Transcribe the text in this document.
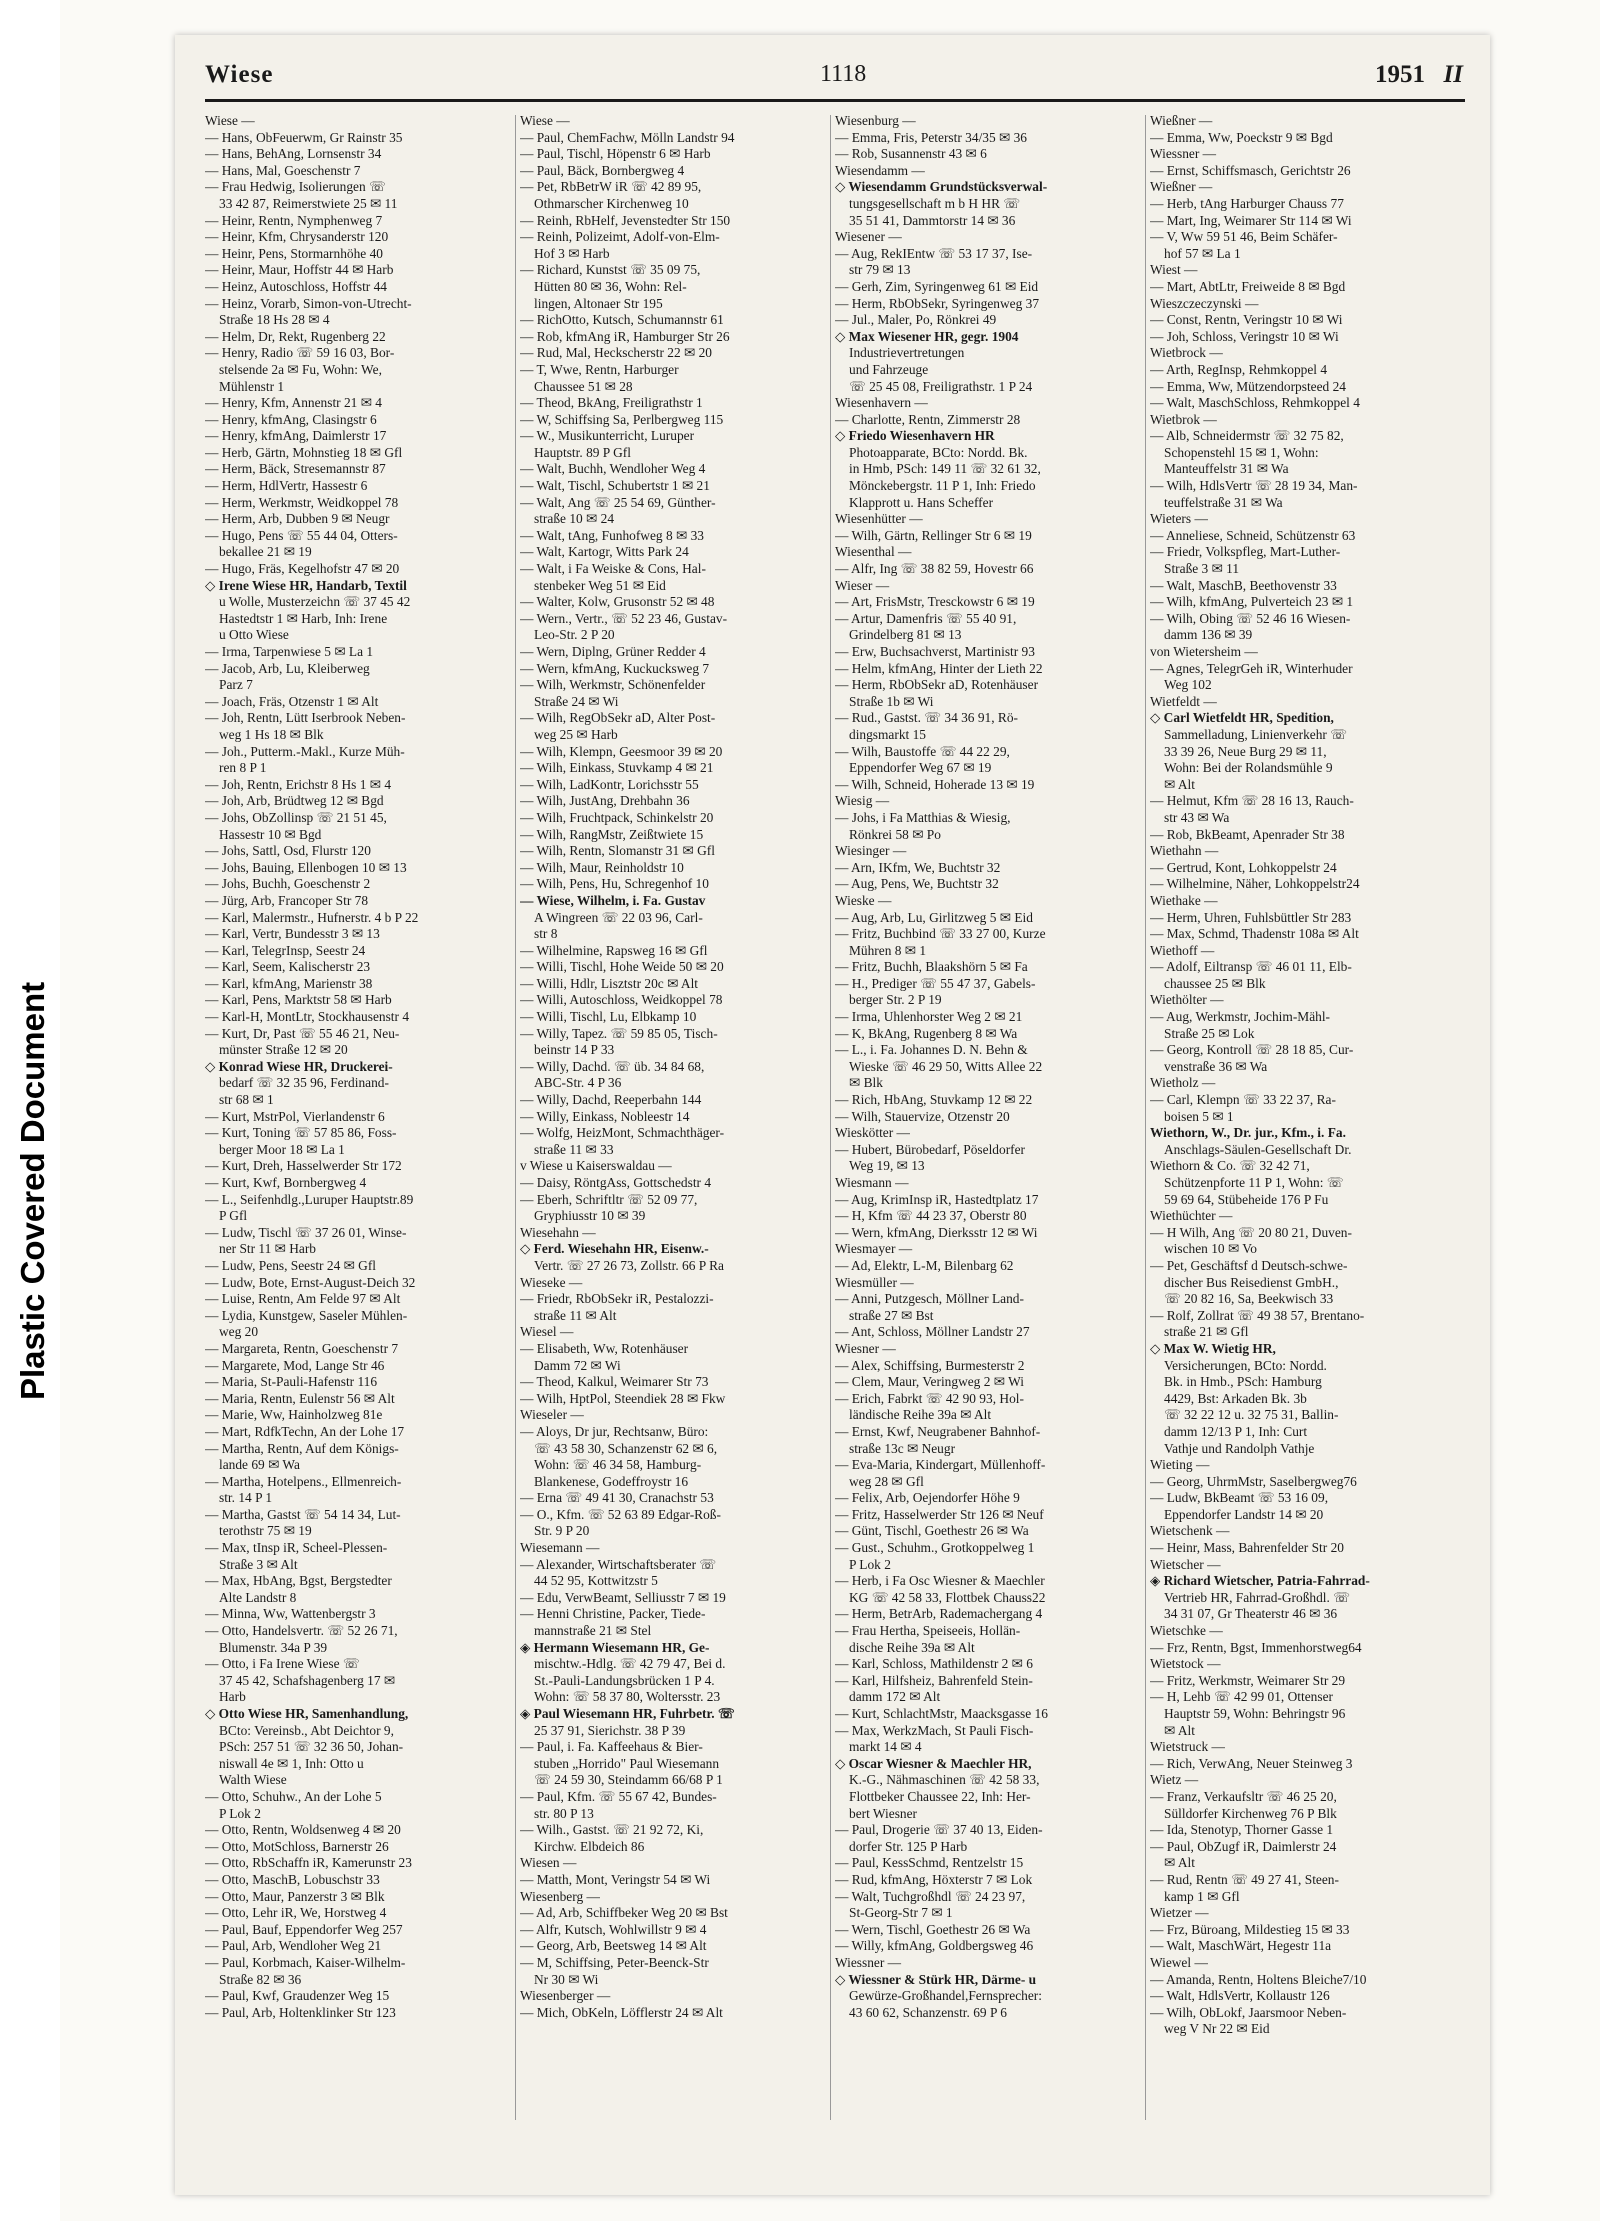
Plastic Covered Document
Wiese	1118	1951 II

Wiese —

— Hans, ObFeuerwm, Gr Rainstr 35

— Hans, BehAng, Lornsenstr 34

— Hans, Mal, Goeschenstr 7

— Frau Hedwig, Isolierungen ☏

33 42 87, Reimerstwiete 25 ✉ 11

— Heinr, Rentn, Nymphenweg 7

— Heinr, Kfm, Chrysanderstr 120

— Heinr, Pens, Stormarnhöhe 40

— Heinr, Maur, Hoffstr 44 ✉ Harb

— Heinz, Autoschloss, Hoffstr 44

— Heinz, Vorarb, Simon-von-Utrecht-

Straße 18 Hs 28 ✉ 4

— Helm, Dr, Rekt, Rugenberg 22

— Henry, Radio ☏ 59 16 03, Bor-

stelsende 2a ✉ Fu, Wohn: We,

Mühlenstr 1

— Henry, Kfm, Annenstr 21 ✉ 4

— Henry, kfmAng, Clasingstr 6

— Henry, kfmAng, Daimlerstr 17

— Herb, Gärtn, Mohnstieg 18 ✉ Gfl

— Herm, Bäck, Stresemannstr 87

— Herm, HdlVertr, Hassestr 6

— Herm, Werkmstr, Weidkoppel 78

— Herm, Arb, Dubben 9 ✉ Neugr

— Hugo, Pens ☏ 55 44 04, Otters-

bekallee 21 ✉ 19

— Hugo, Fräs, Kegelhofstr 47 ✉ 20

◇ Irene Wiese HR, Handarb, Textil

u Wolle, Musterzeichn ☏ 37 45 42

Hastedtstr 1 ✉ Harb, Inh: Irene

u Otto Wiese

— Irma, Tarpenwiese 5 ✉ La 1

— Jacob, Arb, Lu, Kleiberweg

Parz 7

— Joach, Fräs, Otzenstr 1 ✉ Alt

— Joh, Rentn, Lütt Iserbrook Neben-

weg 1 Hs 18 ✉ Blk

— Joh., Putterm.-Makl., Kurze Müh-

ren 8 P 1

— Joh, Rentn, Erichstr 8 Hs 1 ✉ 4

— Joh, Arb, Brüdtweg 12 ✉ Bgd

— Johs, ObZollinsp ☏ 21 51 45,

Hassestr 10 ✉ Bgd

— Johs, Sattl, Osd, Flurstr 120

— Johs, Bauing, Ellenbogen 10 ✉ 13

— Johs, Buchh, Goeschenstr 2

— Jürg, Arb, Francoper Str 78

— Karl, Malermstr., Hufnerstr. 4 b P 22

— Karl, Vertr, Bundesstr 3 ✉ 13

— Karl, TelegrInsp, Seestr 24

— Karl, Seem, Kalischerstr 23

— Karl, kfmAng, Marienstr 38

— Karl, Pens, Marktstr 58 ✉ Harb

— Karl-H, MontLtr, Stockhausenstr 4

— Kurt, Dr, Past ☏ 55 46 21, Neu-

münster Straße 12 ✉ 20

◇ Konrad Wiese HR, Druckerei-

bedarf ☏ 32 35 96, Ferdinand-

str 68 ✉ 1

— Kurt, MstrPol, Vierlandenstr 6

— Kurt, Toning ☏ 57 85 86, Foss-

berger Moor 18 ✉ La 1

— Kurt, Dreh, Hasselwerder Str 172

— Kurt, Kwf, Bornbergweg 4

— L., Seifenhdlg.,Luruper Hauptstr.89

P Gfl

— Ludw, Tischl ☏ 37 26 01, Winse-

ner Str 11 ✉ Harb

— Ludw, Pens, Seestr 24 ✉ Gfl

— Ludw, Bote, Ernst-August-Deich 32

— Luise, Rentn, Am Felde 97 ✉ Alt

— Lydia, Kunstgew, Saseler Mühlen-

weg 20

— Margareta, Rentn, Goeschenstr 7

— Margarete, Mod, Lange Str 46

— Maria, St-Pauli-Hafenstr 116

— Maria, Rentn, Eulenstr 56 ✉ Alt

— Marie, Ww, Hainholzweg 81e

— Mart, RdfkTechn, An der Lohe 17

— Martha, Rentn, Auf dem Königs-

lande 69 ✉ Wa

— Martha, Hotelpens., Ellmenreich-

str. 14 P 1

— Martha, Gastst ☏ 54 14 34, Lut-

terothstr 75 ✉ 19

— Max, tInsp iR, Scheel-Plessen-

Straße 3 ✉ Alt

— Max, HbAng, Bgst, Bergstedter

Alte Landstr 8

— Minna, Ww, Wattenbergstr 3

— Otto, Handelsvertr. ☏ 52 26 71,

Blumenstr. 34a P 39

— Otto, i Fa Irene Wiese ☏

37 45 42, Schafshagenberg 17 ✉

Harb

◇ Otto Wiese HR, Samenhandlung,

BCto: Vereinsb., Abt Deichtor 9,

PSch: 257 51 ☏ 32 36 50, Johan-

niswall 4e ✉ 1, Inh: Otto u

Walth Wiese

— Otto, Schuhw., An der Lohe 5

P Lok 2

— Otto, Rentn, Woldsenweg 4 ✉ 20

— Otto, MotSchloss, Barnerstr 26

— Otto, RbSchaffn iR, Kamerunstr 23

— Otto, MaschB, Lobuschstr 33

— Otto, Maur, Panzerstr 3 ✉ Blk

— Otto, Lehr iR, We, Horstweg 4

— Paul, Bauf, Eppendorfer Weg 257

— Paul, Arb, Wendloher Weg 21

— Paul, Korbmach, Kaiser-Wilhelm-

Straße 82 ✉ 36

— Paul, Kwf, Graudenzer Weg 15

— Paul, Arb, Holtenklinker Str 123

Wiese —

— Paul, ChemFachw, Mölln Landstr 94

— Paul, Tischl, Höpenstr 6 ✉ Harb

— Paul, Bäck, Bornbergweg 4

— Pet, RbBetrW iR ☏ 42 89 95,

Othmarscher Kirchenweg 10

— Reinh, RbHelf, Jevenstedter Str 150

— Reinh, Polizeimt, Adolf-von-Elm-

Hof 3 ✉ Harb

— Richard, Kunstst ☏ 35 09 75,

Hütten 80 ✉ 36, Wohn: Rel-

lingen, Altonaer Str 195

— RichOtto, Kutsch, Schumannstr 61

— Rob, kfmAng iR, Hamburger Str 26

— Rud, Mal, Heckscherstr 22 ✉ 20

— T, Wwe, Rentn, Harburger

Chaussee 51 ✉ 28

— Theod, BkAng, Freiligrathstr 1

— W, Schiffsing Sa, Perlbergweg 115

— W., Musikunterricht, Luruper

Hauptstr. 89 P Gfl

— Walt, Buchh, Wendloher Weg 4

— Walt, Tischl, Schubertstr 1 ✉ 21

— Walt, Ang ☏ 25 54 69, Günther-

straße 10 ✉ 24

— Walt, tAng, Funhofweg 8 ✉ 33

— Walt, Kartogr, Witts Park 24

— Walt, i Fa Weiske & Cons, Hal-

stenbeker Weg 51 ✉ Eid

— Walter, Kolw, Grusonstr 52 ✉ 48

— Wern., Vertr., ☏ 52 23 46, Gustav-

Leo-Str. 2 P 20

— Wern, Diplng, Grüner Redder 4

— Wern, kfmAng, Kuckucksweg 7

— Wilh, Werkmstr, Schönenfelder

Straße 24 ✉ Wi

— Wilh, RegObSekr aD, Alter Post-

weg 25 ✉ Harb

— Wilh, Klempn, Geesmoor 39 ✉ 20

— Wilh, Einkass, Stuvkamp 4 ✉ 21

— Wilh, LadKontr, Lorichsstr 55

— Wilh, JustAng, Drehbahn 36

— Wilh, Fruchtpack, Schinkelstr 20

— Wilh, RangMstr, Zeißtwiete 15

— Wilh, Rentn, Slomanstr 31 ✉ Gfl

— Wilh, Maur, Reinholdstr 10

— Wilh, Pens, Hu, Schregenhof 10

— Wiese, Wilhelm, i. Fa. Gustav

A Wingreen ☏ 22 03 96, Carl-

str 8

— Wilhelmine, Rapsweg 16 ✉ Gfl

— Willi, Tischl, Hohe Weide 50 ✉ 20

— Willi, Hdlr, Lisztstr 20c ✉ Alt

— Willi, Autoschloss, Weidkoppel 78

— Willi, Tischl, Lu, Elbkamp 10

— Willy, Tapez. ☏ 59 85 05, Tisch-

beinstr 14 P 33

— Willy, Dachd. ☏ üb. 34 84 68,

ABC-Str. 4 P 36

— Willy, Dachd, Reeperbahn 144

— Willy, Einkass, Nobleestr 14

— Wolfg, HeizMont, Schmachthäger-

straße 11 ✉ 33

v Wiese u Kaiserswaldau —

— Daisy, RöntgAss, Gottschedstr 4

— Eberh, Schriftltr ☏ 52 09 77,

Gryphiusstr 10 ✉ 39

Wiesehahn —

◇ Ferd. Wiesehahn HR, Eisenw.-

Vertr. ☏ 27 26 73, Zollstr. 66 P Ra

Wieseke —

— Friedr, RbObSekr iR, Pestalozzi-

straße 11 ✉ Alt

Wiesel —

— Elisabeth, Ww, Rotenhäuser

Damm 72 ✉ Wi

— Theod, Kalkul, Weimarer Str 73

— Wilh, HptPol, Steendiek 28 ✉ Fkw

Wieseler —

— Aloys, Dr jur, Rechtsanw, Büro:

☏ 43 58 30, Schanzenstr 62 ✉ 6,

Wohn: ☏ 46 34 58, Hamburg-

Blankenese, Godeffroystr 16

— Erna ☏ 49 41 30, Cranachstr 53

— O., Kfm. ☏ 52 63 89 Edgar-Roß-

Str. 9 P 20

Wiesemann —

— Alexander, Wirtschaftsberater ☏

44 52 95, Kottwitzstr 5

— Edu, VerwBeamt, Selliusstr 7 ✉ 19

— Henni Christine, Packer, Tiede-

mannstraße 21 ✉ Stel

◈ Hermann Wiesemann HR, Ge-

mischtw.-Hdlg. ☏ 42 79 47, Bei d.

St.-Pauli-Landungsbrücken 1 P 4.

Wohn: ☏ 58 37 80, Woltersstr. 23

◈ Paul Wiesemann HR, Fuhrbetr. ☏

25 37 91, Sierichstr. 38 P 39

— Paul, i. Fa. Kaffeehaus & Bier-

stuben „Horrido" Paul Wiesemann

☏ 24 59 30, Steindamm 66/68 P 1

— Paul, Kfm. ☏ 55 67 42, Bundes-

str. 80 P 13

— Wilh., Gastst. ☏ 21 92 72, Ki,

Kirchw. Elbdeich 86

Wiesen —

— Matth, Mont, Veringstr 54 ✉ Wi

Wiesenberg —

— Ad, Arb, Schiffbeker Weg 20 ✉ Bst

— Alfr, Kutsch, Wohlwillstr 9 ✉ 4

— Georg, Arb, Beetsweg 14 ✉ Alt

— M, Schiffsing, Peter-Beenck-Str

Nr 30 ✉ Wi

Wiesenberger —

— Mich, ObKeln, Löfflerstr 24 ✉ Alt

Wiesenburg —

— Emma, Fris, Peterstr 34/35 ✉ 36

— Rob, Susannenstr 43 ✉ 6

Wiesendamm —

◇ Wiesendamm Grundstücksverwal-

tungsgesellschaft m b H HR ☏

35 51 41, Dammtorstr 14 ✉ 36

Wiesener —

— Aug, RekIEntw ☏ 53 17 37, Ise-

str 79 ✉ 13

— Gerh, Zim, Syringenweg 61 ✉ Eid

— Herm, RbObSekr, Syringenweg 37

— Jul., Maler, Po, Rönkrei 49

◇ Max Wiesener HR, gegr. 1904

Industrievertretungen

und Fahrzeuge

☏ 25 45 08, Freiligrathstr. 1 P 24

Wiesenhavern —

— Charlotte, Rentn, Zimmerstr 28

◇ Friedo Wiesenhavern HR

Photoapparate, BCto: Nordd. Bk.

in Hmb, PSch: 149 11 ☏ 32 61 32,

Mönckebergstr. 11 P 1, Inh: Friedo

Klapprott u. Hans Scheffer

Wiesenhütter —

— Wilh, Gärtn, Rellinger Str 6 ✉ 19

Wiesenthal —

— Alfr, Ing ☏ 38 82 59, Hovestr 66

Wieser —

— Art, FrisMstr, Tresckowstr 6 ✉ 19

— Artur, Damenfris ☏ 55 40 91,

Grindelberg 81 ✉ 13

— Erw, Buchsachverst, Martinistr 93

— Helm, kfmAng, Hinter der Lieth 22

— Herm, RbObSekr aD, Rotenhäuser

Straße 1b ✉ Wi

— Rud., Gastst. ☏ 34 36 91, Rö-

dingsmarkt 15

— Wilh, Baustoffe ☏ 44 22 29,

Eppendorfer Weg 67 ✉ 19

— Wilh, Schneid, Hoherade 13 ✉ 19

Wiesig —

— Johs, i Fa Matthias & Wiesig,

Rönkrei 58 ✉ Po

Wiesinger —

— Arn, IKfm, We, Buchtstr 32

— Aug, Pens, We, Buchtstr 32

Wieske —

— Aug, Arb, Lu, Girlitzweg 5 ✉ Eid

— Fritz, Buchbind ☏ 33 27 00, Kurze

Mühren 8 ✉ 1

— Fritz, Buchh, Blaakshörn 5 ✉ Fa

— H., Prediger ☏ 55 47 37, Gabels-

berger Str. 2 P 19

— Irma, Uhlenhorster Weg 2 ✉ 21

— K, BkAng, Rugenberg 8 ✉ Wa

— L., i. Fa. Johannes D. N. Behn &

Wieske ☏ 46 29 50, Witts Allee 22

✉ Blk

— Rich, HbAng, Stuvkamp 12 ✉ 22

— Wilh, Stauervize, Otzenstr 20

Wieskötter —

— Hubert, Bürobedarf, Pöseldorfer

Weg 19, ✉ 13

Wiesmann —

— Aug, KrimInsp iR, Hastedtplatz 17

— H, Kfm ☏ 44 23 37, Oberstr 80

— Wern, kfmAng, Dierksstr 12 ✉ Wi

Wiesmayer —

— Ad, Elektr, L-M, Bilenbarg 62

Wiesmüller —

— Anni, Putzgesch, Möllner Land-

straße 27 ✉ Bst

— Ant, Schloss, Möllner Landstr 27

Wiesner —

— Alex, Schiffsing, Burmesterstr 2

— Clem, Maur, Veringweg 2 ✉ Wi

— Erich, Fabrkt ☏ 42 90 93, Hol-

ländische Reihe 39a ✉ Alt

— Ernst, Kwf, Neugrabener Bahnhof-

straße 13c ✉ Neugr

— Eva-Maria, Kindergart, Müllenhoff-

weg 28 ✉ Gfl

— Felix, Arb, Oejendorfer Höhe 9

— Fritz, Hasselwerder Str 126 ✉ Neuf

— Günt, Tischl, Goethestr 26 ✉ Wa

— Gust., Schuhm., Grotkoppelweg 1

P Lok 2

— Herb, i Fa Osc Wiesner & Maechler

KG ☏ 42 58 33, Flottbek Chauss22

— Herm, BetrArb, Rademachergang 4

— Frau Hertha, Speiseeis, Hollän-

dische Reihe 39a ✉ Alt

— Karl, Schloss, Mathildenstr 2 ✉ 6

— Karl, Hilfsheiz, Bahrenfeld Stein-

damm 172 ✉ Alt

— Kurt, SchlachtMstr, Maacksgasse 16

— Max, WerkzMach, St Pauli Fisch-

markt 14 ✉ 4

◇ Oscar Wiesner & Maechler HR,

K.-G., Nähmaschinen ☏ 42 58 33,

Flottbeker Chaussee 22, Inh: Her-

bert Wiesner

— Paul, Drogerie ☏ 37 40 13, Eiden-

dorfer Str. 125 P Harb

— Paul, KessSchmd, Rentzelstr 15

— Rud, kfmAng, Höxterstr 7 ✉ Lok

— Walt, Tuchgroßhdl ☏ 24 23 97,

St-Georg-Str 7 ✉ 1

— Wern, Tischl, Goethestr 26 ✉ Wa

— Willy, kfmAng, Goldbergsweg 46

Wiessner —

◇ Wiessner & Stürk HR, Därme- u

Gewürze-Großhandel,Fernsprecher:

43 60 62, Schanzenstr. 69 P 6

Wießner —

— Emma, Ww, Poeckstr 9 ✉ Bgd

Wiessner —

— Ernst, Schiffsmasch, Gerichtstr 26

Wießner —

— Herb, tAng Harburger Chauss 77

— Mart, Ing, Weimarer Str 114 ✉ Wi

— V, Ww 59 51 46, Beim Schäfer-

hof 57 ✉ La 1

Wiest —

— Mart, AbtLtr, Freiweide 8 ✉ Bgd

Wieszczeczynski —

— Const, Rentn, Veringstr 10 ✉ Wi

— Joh, Schloss, Veringstr 10 ✉ Wi

Wietbrock —

— Arth, RegInsp, Rehmkoppel 4

— Emma, Ww, Mützendorpsteed 24

— Walt, MaschSchloss, Rehmkoppel 4

Wietbrok —

— Alb, Schneidermstr ☏ 32 75 82,

Schopenstehl 15 ✉ 1, Wohn:

Manteuffelstr 31 ✉ Wa

— Wilh, HdlsVertr ☏ 28 19 34, Man-

teuffelstraße 31 ✉ Wa

Wieters —

— Anneliese, Schneid, Schützenstr 63

— Friedr, Volkspfleg, Mart-Luther-

Straße 3 ✉ 11

— Walt, MaschB, Beethovenstr 33

— Wilh, kfmAng, Pulverteich 23 ✉ 1

— Wilh, Obing ☏ 52 46 16 Wiesen-

damm 136 ✉ 39

von Wietersheim —

— Agnes, TelegrGeh iR, Winterhuder

Weg 102

Wietfeldt —

◇ Carl Wietfeldt HR, Spedition,

Sammelladung, Linienverkehr ☏

33 39 26, Neue Burg 29 ✉ 11,

Wohn: Bei der Rolandsmühle 9

✉ Alt

— Helmut, Kfm ☏ 28 16 13, Rauch-

str 43 ✉ Wa

— Rob, BkBeamt, Apenrader Str 38

Wiethahn —

— Gertrud, Kont, Lohkoppelstr 24

— Wilhelmine, Näher, Lohkoppelstr24

Wiethake —

— Herm, Uhren, Fuhlsbüttler Str 283

— Max, Schmd, Thadenstr 108a ✉ Alt

Wiethoff —

— Adolf, Eiltransp ☏ 46 01 11, Elb-

chaussee 25 ✉ Blk

Wiethölter —

— Aug, Werkmstr, Jochim-Mähl-

Straße 25 ✉ Lok

— Georg, Kontroll ☏ 28 18 85, Cur-

venstraße 36 ✉ Wa

Wietholz —

— Carl, Klempn ☏ 33 22 37, Ra-

boisen 5 ✉ 1

Wiethorn, W., Dr. jur., Kfm., i. Fa.

Anschlags-Säulen-Gesellschaft Dr.

Wiethorn & Co. ☏ 32 42 71,

Schützenpforte 11 P 1, Wohn: ☏

59 69 64, Stübeheide 176 P Fu

Wiethüchter —

— H Wilh, Ang ☏ 20 80 21, Duven-

wischen 10 ✉ Vo

— Pet, Geschäftsf d Deutsch-schwe-

discher Bus Reisedienst GmbH.,

☏ 20 82 16, Sa, Beekwisch 33

— Rolf, Zollrat ☏ 49 38 57, Brentano-

straße 21 ✉ Gfl

◇ Max W. Wietig HR,

Versicherungen, BCto: Nordd.

Bk. in Hmb., PSch: Hamburg

4429, Bst: Arkaden Bk. 3b

☏ 32 22 12 u. 32 75 31, Ballin-

damm 12/13 P 1, Inh: Curt

Vathje und Randolph Vathje

Wieting —

— Georg, UhrmMstr, Saselbergweg76

— Ludw, BkBeamt ☏ 53 16 09,

Eppendorfer Landstr 14 ✉ 20

Wietschenk —

— Heinr, Mass, Bahrenfelder Str 20

Wietscher —

◈ Richard Wietscher, Patria-Fahrrad-

Vertrieb HR, Fahrrad-Großhdl. ☏

34 31 07, Gr Theaterstr 46 ✉ 36

Wietschke —

— Frz, Rentn, Bgst, Immenhorstweg64

Wietstock —

— Fritz, Werkmstr, Weimarer Str 29

— H, Lehb ☏ 42 99 01, Ottenser

Hauptstr 59, Wohn: Behringstr 96

✉ Alt

Wietstruck —

— Rich, VerwAng, Neuer Steinweg 3

Wietz —

— Franz, Verkaufsltr ☏ 46 25 20,

Sülldorfer Kirchenweg 76 P Blk

— Ida, Stenotyp, Thorner Gasse 1

— Paul, ObZugf iR, Daimlerstr 24

✉ Alt

— Rud, Rentn ☏ 49 27 41, Steen-

kamp 1 ✉ Gfl

Wietzer —

— Frz, Büroang, Mildestieg 15 ✉ 33

— Walt, MaschWärt, Hegestr 11a

Wiewel —

— Amanda, Rentn, Holtens Bleiche7/10

— Walt, HdlsVertr, Kollaustr 126

— Wilh, ObLokf, Jaarsmoor Neben-

weg V Nr 22 ✉ Eid
